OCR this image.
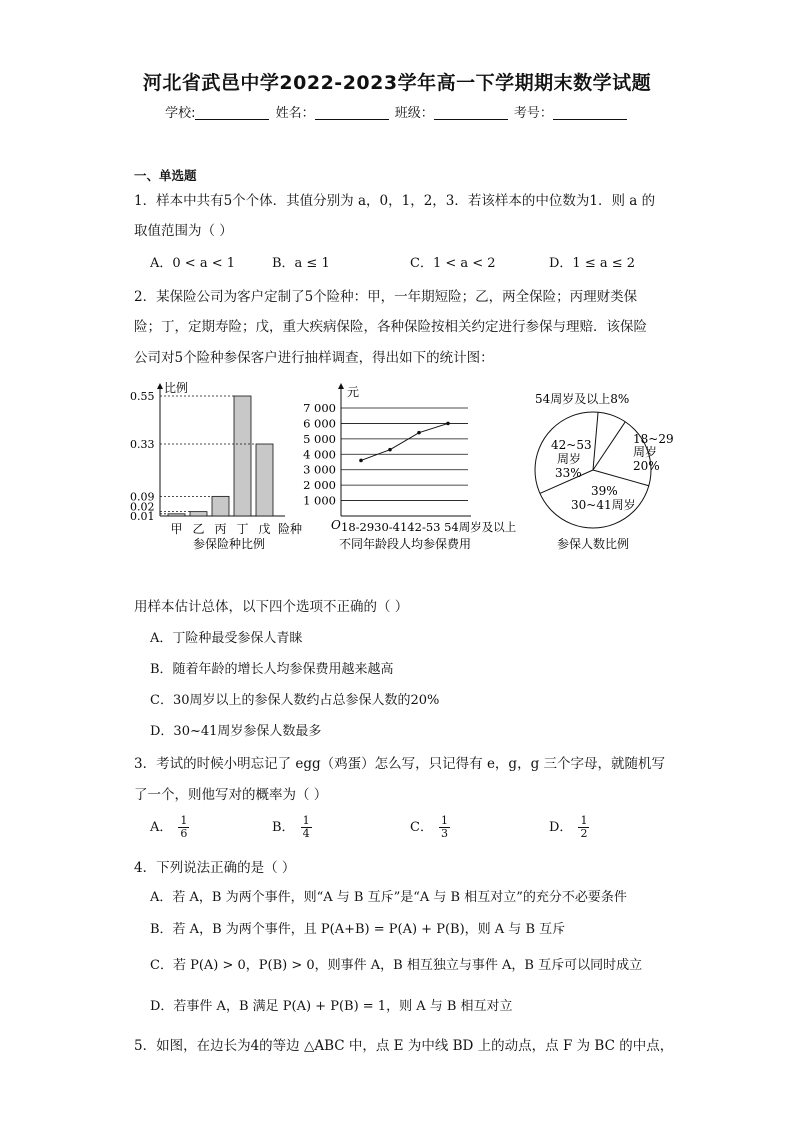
河北省武邑中学2022-2023学年高一下学期期末数学试题
学校:	姓名：	班级：	考号：
一、单选题
1．样本中共有5个个体．其值分别为 a，0，1，2，3．若该样本的中位数为1．则 a 的
取值范围为（ ）
A．0 < a < 1	B．a ≤ 1	C．1 < a < 2	D．1 ≤ a ≤ 2
2．某保险公司为客户定制了5个险种：甲，一年期短险；乙，两全保险；丙理财类保
险；丁，定期寿险；戊，重大疾病保险，各种保险按相关约定进行参保与理赔．该保险
公司对5个险种参保客户进行抽样调查，得出如下的统计图：
比例
0.01
0.02
0.09
0.33
0.55
甲 乙 丙 丁 戊 险种
参保险种比例
元
O
1 000
2 000
3 000
4 000
5 000
6 000
7 000
18-2930-4142-53 54周岁及以上
不同年龄段人均参保费用
54周岁及以上8%
18~29
周岁
20%
39%
30~41周岁
42~53
周岁
33%
参保人数比例
用样本估计总体，以下四个选项不正确的（ ）
A．丁险种最受参保人青睐
B．随着年龄的增长人均参保费用越来越高
C．30周岁以上的参保人数约占总参保人数的20%
D．30~41周岁参保人数最多
3．考试的时候小明忘记了 egg（鸡蛋）怎么写，只记得有 e，g，g 三个字母，就随机写
了一个，则他写对的概率为（ ）
A． $\frac{1}{6}$	B． $\frac{1}{4}$	C． $\frac{1}{3}$	D． $\frac{1}{2}$
4．下列说法正确的是（ ）
A．若 A，B 为两个事件，则“A 与 B 互斥”是“A 与 B 相互对立”的充分不必要条件
B．若 A，B 为两个事件，且 P(A+B) = P(A) + P(B)，则 A 与 B 互斥
C．若 P(A) > 0，P(B) > 0，则事件 A，B 相互独立与事件 A，B 互斥可以同时成立
D．若事件 A，B 满足 P(A) + P(B) = 1，则 A 与 B 相互对立
5．如图，在边长为4的等边 △ABC 中，点 E 为中线 BD 上的动点，点 F 为 BC 的中点，
